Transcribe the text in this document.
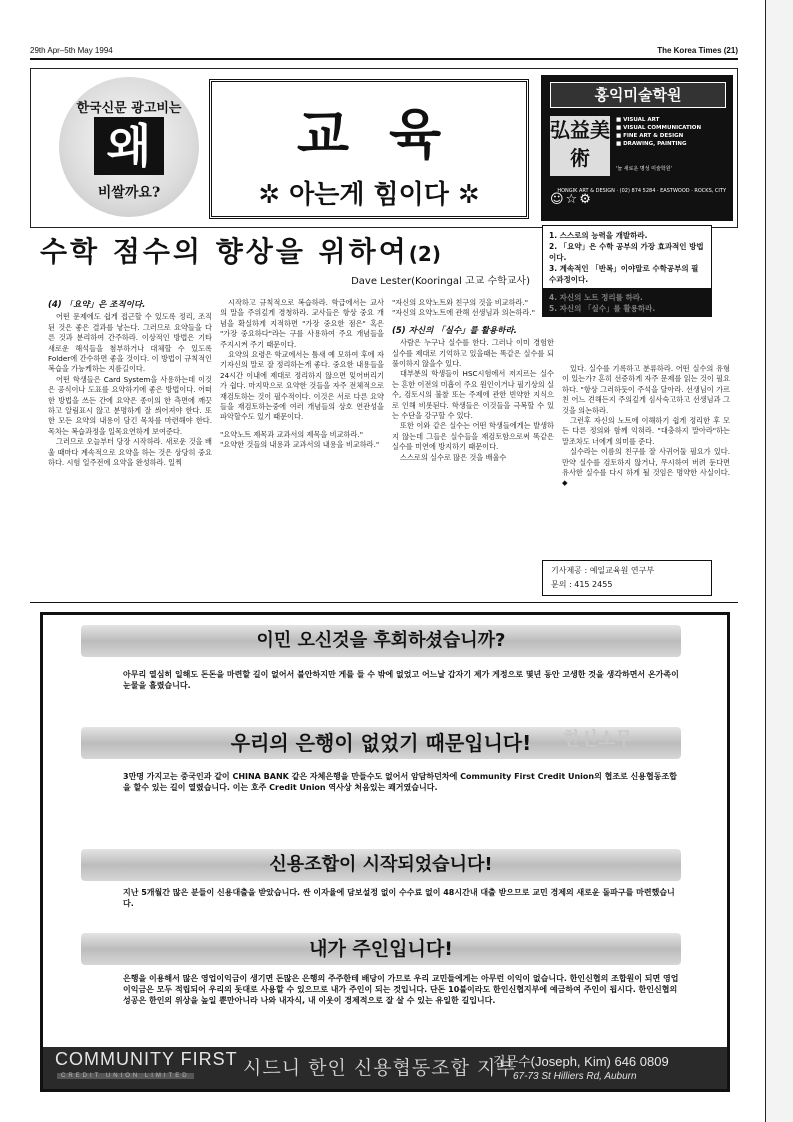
29th Apr–5th May 1994	The Korea Times (21)
한국신문 광고비는
왜
비쌀까요?
교육
✲ 아는게 힘이다 ✲
홍익미술학원
弘益美術
■ VISUAL ART
■ VISUAL COMMUNICATION
■ FINE ART & DESIGN
■ DRAWING, PAINTING
'늘 새로운 명성 미술학원'
☺☆⚙
HONGIK ART & DESIGN · (02) 874 5284 · EASTWOOD · ROCKS, CITY
수학 점수의 향상을 위하여(2)
Dave Lester(Kooringal 고교 수학교사)
1. 스스로의 능력을 개발하라.
2. 「요약」은 수학 공부의 가장 효과적인 방법이다.
3. 계속적인 「반복」이야말로 수학공부의 필수과정이다.
4. 자신의 노트 정리를 하라.
5. 자신의 「실수」를 활용하라.

(4) 「요약」은 조직이다.

어떤 문제에도 쉽게 접근할 수 있도록 정리, 조직된 것은 좋은 결과를 낳는다. 그러므로 요약들을 다른 것과 분리하여 간주하라. 이상적인 방법은 기타 새로운 해석들을 첨부하거나 대체할 수 있도록 Folder에 간수하면 좋을 것이다. 이 방법이 규칙적인 복습을 가능케하는 지름길이다.

어떤 학생들은 Card System을 사용하는데 이것은 공식이나 도표를 요약하기에 좋은 방법이다. 어떠한 방법을 쓰든 간에 요약은 종이의 한 측면에 깨끗하고 알림표시 않고 분명하게 잘 씌어져야 한다. 또한 모든 요약의 내용이 담긴 목차를 마련해야 한다. 목차는 복습과정을 일목요연하게 보여준다.

그러므로 오늘부터 당장 시작하라. 새로운 것을 배울 때마다 계속적으로 요약을 하는 것은 상당히 중요하다. 시험 일주전에 요약을 완성하라. 일찍

시작하고 규칙적으로 복습하라. 학급에서는 교사의 말을 주위깊게 경청하라. 교사들은 항상 중요 개념을 확실하게 지적하면 "가장 중요한 점은" 혹은 "가장 중요하다"라는 구를 사용하여 주요 개념들을 주지시켜 주기 때문이다.

요약의 요령은 학교에서는 틈새 예 모하여 후에 자기자신의 말로 잘 정리하는게 좋다. 중요한 내용들을 24시간 이내에 제대로 정리하지 않으면 잊어버리기가 쉽다. 마지막으로 요약한 것들을 자주 전체적으로 재검토하는 것이 필수적이다. 이것은 서로 다른 요약들을 재검토하는중에 여러 개념들의 상호 연관성을 파악할수도 있기 때문이다.

"요약노트 제목과 교과서의 제목을 비교하라."

"요약한 것들의 내용과 교과서의 내용을 비교하라."

"자신의 요약노트와 친구의 것을 비교하라."

"자신의 요약노트에 관해 선생님과 의논하라."

(5) 자신의 「실수」를 활용하라.

사람은 누구나 실수를 한다. 그러나 이미 경험한 실수를 제대로 기억하고 있을때는 똑같은 실수를 되풀이하지 않을수 있다.

대부분의 학생들이 HSC시험에서 저지르는 실수는 흔한 이전의 미흡이 주요 원인이거나 필기상의 실수, 검토시의 불찰 또는 주제에 관한 빈약한 지식으로 인해 비롯된다. 학생들은 이것들을 극복할 수 있는 수단을 강구할 수 있다.

또한 이와 같은 실수는 어떤 학생들에게는 발생하지 않는데 그들은 실수들을 재검토함으로써 똑같은 실수를 미연에 방지하기 때문이다.

스스로의 실수로 많은 것을 배울수

있다. 실수를 기록하고 분류하라. 어떤 실수의 유형이 있는가? 흔히 선증하게 자주 문제를 읽는 것이 필요하다. "항상 그러하듯이 주석을 달아라. 선생님이 가르친 어느 견해든지 주의깊게 심사숙고하고 선생님과 그것을 의논하라.

그런후 자신의 노트에 이해하기 쉽게 정리한 후 모든 다른 정의와 함께 익혀라. "대충하지 말아라"하는 말조차도 너에게 의미를 준다.

실수라는 이름의 친구를 잘 사귀어둘 필요가 있다. 만약 실수를 검토하지 않거나, 무시하여 버려 둔다면 유사한 실수를 다시 하게 될 것임은 명약한 사실이다. ◆

기사제공 : 예일교육원 연구부
문의 : 415 2455
이민 오신것을 후회하셨습니까?
아무리 열심히 일해도 돈돈을 마련할 길이 없어서 불안하지만 게를 들 수 밖에 없었고 어느날 갑자기 제가 게정으로 몇년 동안 고생한 것을 생각하면서 온가족이 눈물을 흘렸습니다.
우리의 은행이 없었기 때문입니다!	한신소무
3만명 가지고는 중국인과 같이 CHINA BANK 같은 자체은행을 만들수도 없어서 암담하던차에 Community First Credit Union의 협조로 신용협동조합을 할수 있는 길이 열렸습니다. 이는 호주 Credit Union 역사상 처음있는 쾌거였습니다.
신용조합이 시작되었습니다!
지난 5개월간 많은 분들이 신용대출을 받았습니다. 싼 이자율에 담보설정 없이 수수료 없이 48시간내 대출 받으므로 교민 경제의 새로운 돌파구를 마련했습니다.
내가 주인입니다!
은행을 이용해서 많은 영업이익금이 생기면 돈많은 은행의 주주한테 배당이 가므로 우리 교민들에게는 아무런 이익이 없습니다. 한인신협의 조합원이 되면 영업이익금은 모두 적립되어 우리의 돗대로 사용할 수 있으므로 내가 주인이 되는 것입니다. 단돈 10불이라도 한인신협지부에 예금하여 주인이 됩시다. 한인신협의 성공은 한인의 위상을 높일 뿐만아니라 나와 내자식, 내 이웃이 경제적으로 잘 살 수 있는 유일한 길입니다.
COMMUNITY FIRST
CREDIT UNION LIMITED	시드니 한인 신용협동조합 지부
김문수(Joseph, Kim) 646 0809
67-73 St Hilliers Rd, Auburn
